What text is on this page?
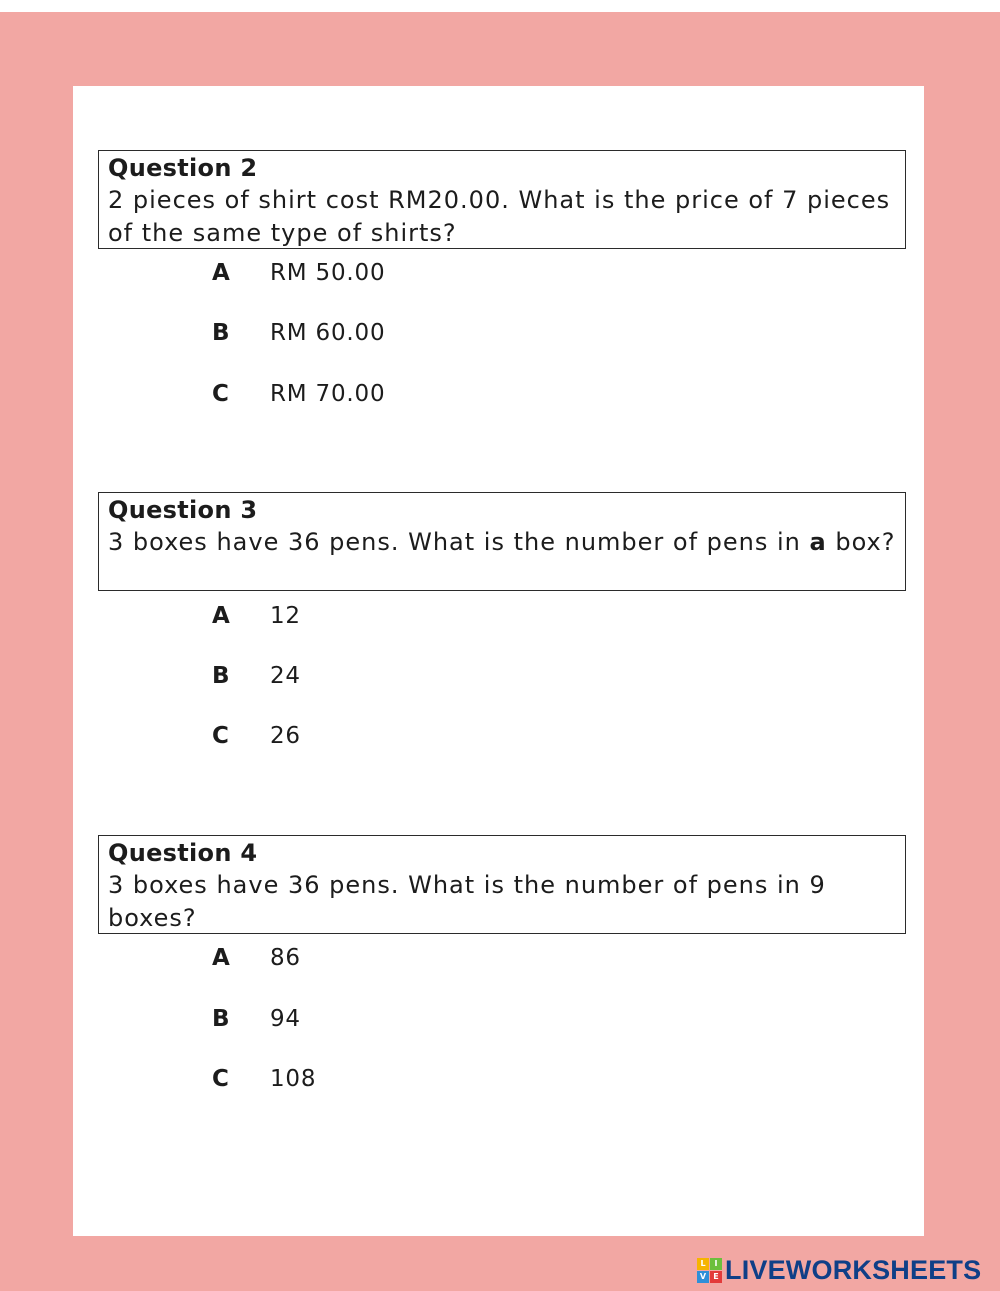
Question 2
2 pieces of shirt cost RM20.00. What is the price of 7 pieces of the same type of shirts?
A RM 50.00
B RM 60.00
C RM 70.00
Question 3
3 boxes have 36 pens. What is the number of pens in a box?
A 12
B 24
C 26
Question 4
3 boxes have 36 pens. What is the number of pens in 9 boxes?
A 86
B 94
C 108
L	I
V E LIVEWORKSHEETS
